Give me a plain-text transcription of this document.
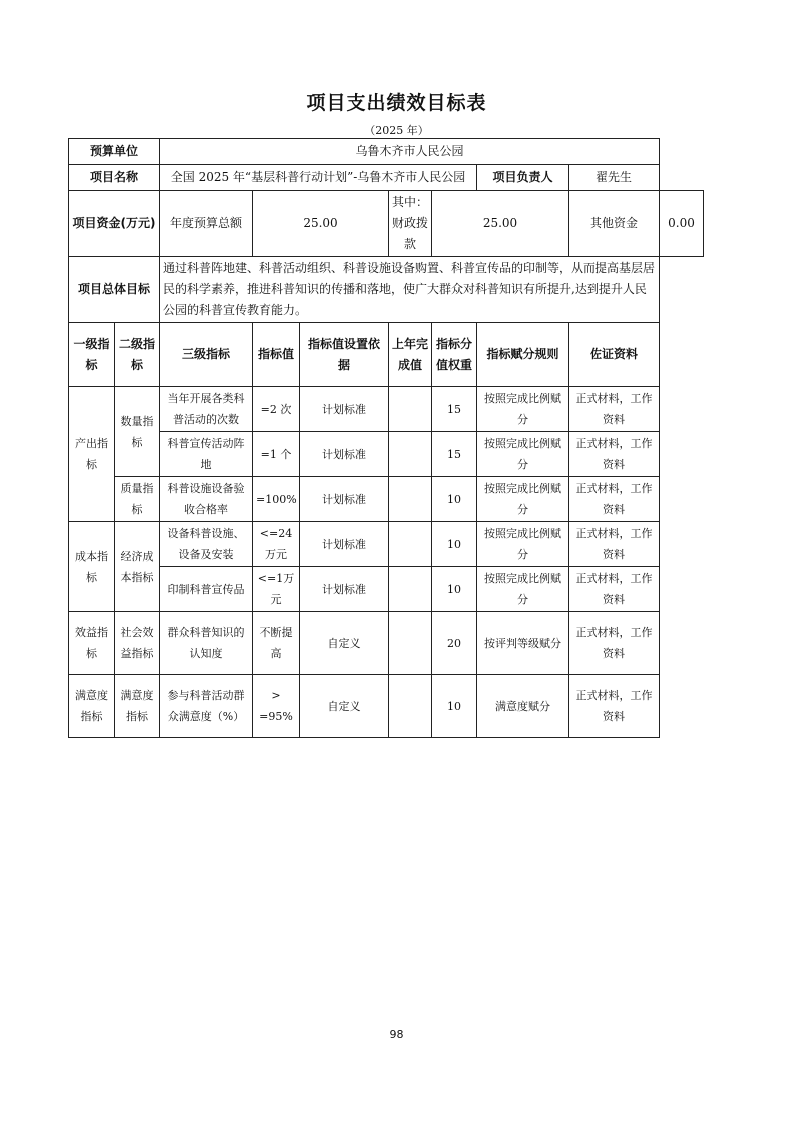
项目支出绩效目标表
（2025 年）
预算单位		乌鲁木齐市人民公园							
项目名称		全国 2025 年“基层科普行动计划”-乌鲁木齐市人民公园					项目负责人	翟先生	
项目资金(万元)		年度预算总额	25.00		其中：财政拨款	25.00		其他资金	0.00
项目总体目标		通过科普阵地建、科普活动组织、科普设施设备购置、科普宣传品的印制等，从而提高基层居民的科学素养，推进科普知识的传播和落地，使广大群众对科普知识有所提升,达到提升人民公园的科普宣传教育能力。							
一级指标	二级指标	三级指标	指标值	指标值设置依据	上年完成值	指标分值权重	指标赋分规则	佐证资料	
产出指标	数量指标	当年开展各类科普活动的次数	=2 次	计划标准		15	按照完成比例赋分	正式材料，工作资料	
		科普宣传活动阵地	=1 个	计划标准		15	按照完成比例赋分	正式材料，工作资料	
	质量指标	科普设施设备验收合格率	=100%	计划标准		10	按照完成比例赋分	正式材料，工作资料	
成本指标	经济成本指标	设备科普设施、设备及安装	<=24万元	计划标准		10	按照完成比例赋分	正式材料，工作资料	
		印制科普宣传品	<=1万元	计划标准		10	按照完成比例赋分	正式材料，工作资料	
效益指标	社会效益指标	群众科普知识的认知度	不断提高	自定义		20	按评判等级赋分	正式材料，工作资料	
满意度指标	满意度指标	参与科普活动群众满意度（%）	> =95%	自定义		10	满意度赋分	正式材料，工作资料	
98
